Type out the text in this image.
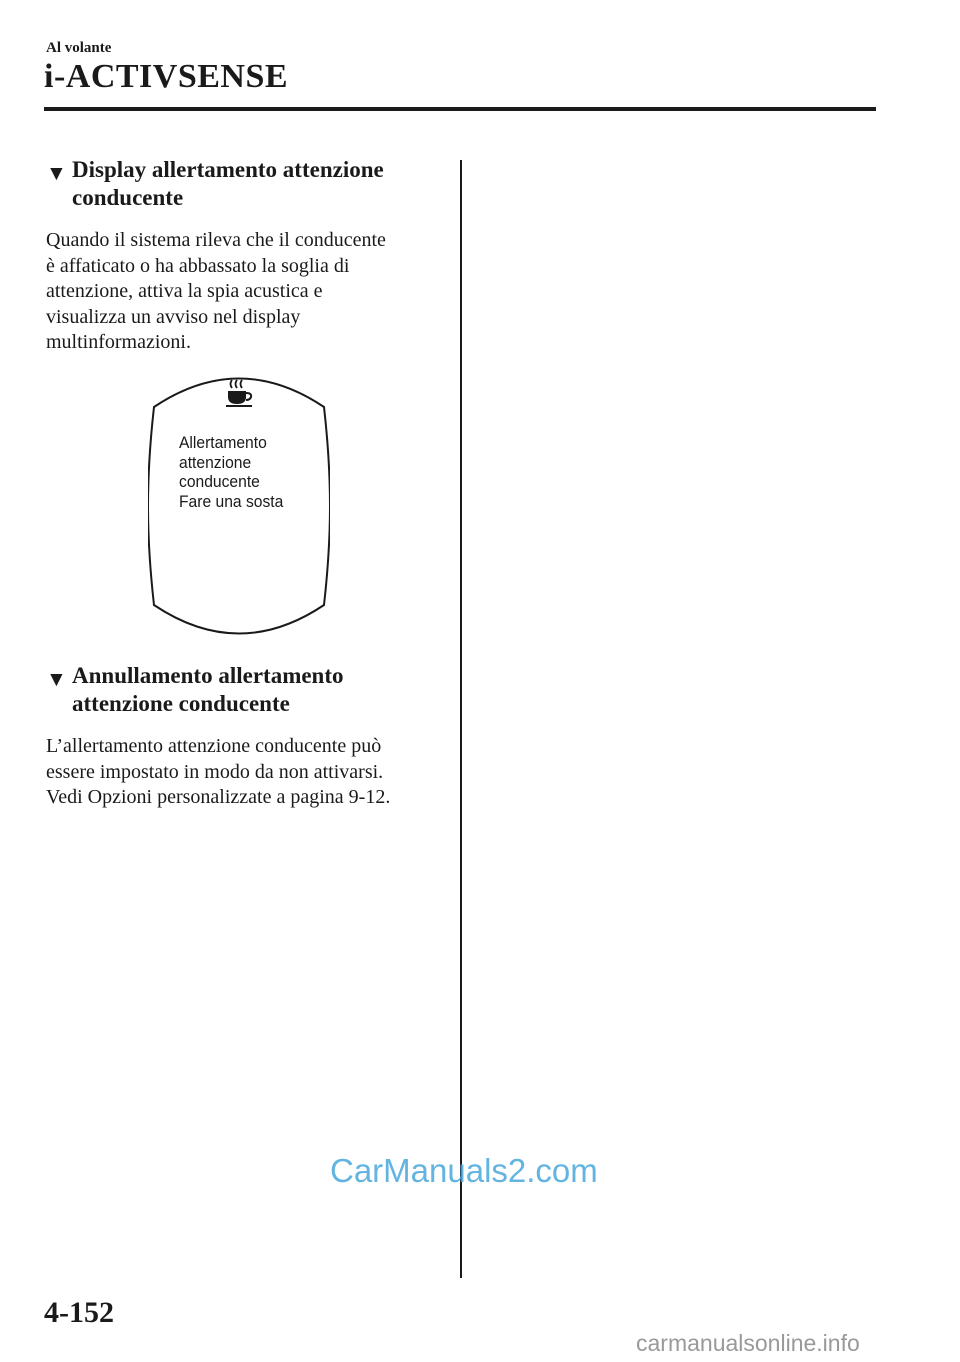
Al volante
i-ACTIVSENSE
▼ Display allertamento attenzione
conducente
Quando il sistema rileva che il conducente
è affaticato o ha abbassato la soglia di
attenzione, attiva la spia acustica e
visualizza un avviso nel display
multinformazioni.
Allertamento
attenzione
conducente
Fare una sosta
▼ Annullamento allertamento
attenzione conducente
L’allertamento attenzione conducente può
essere impostato in modo da non attivarsi.
Vedi Opzioni personalizzate a pagina 9-12.
CarManuals2.com
4-152
carmanualsonline.info
